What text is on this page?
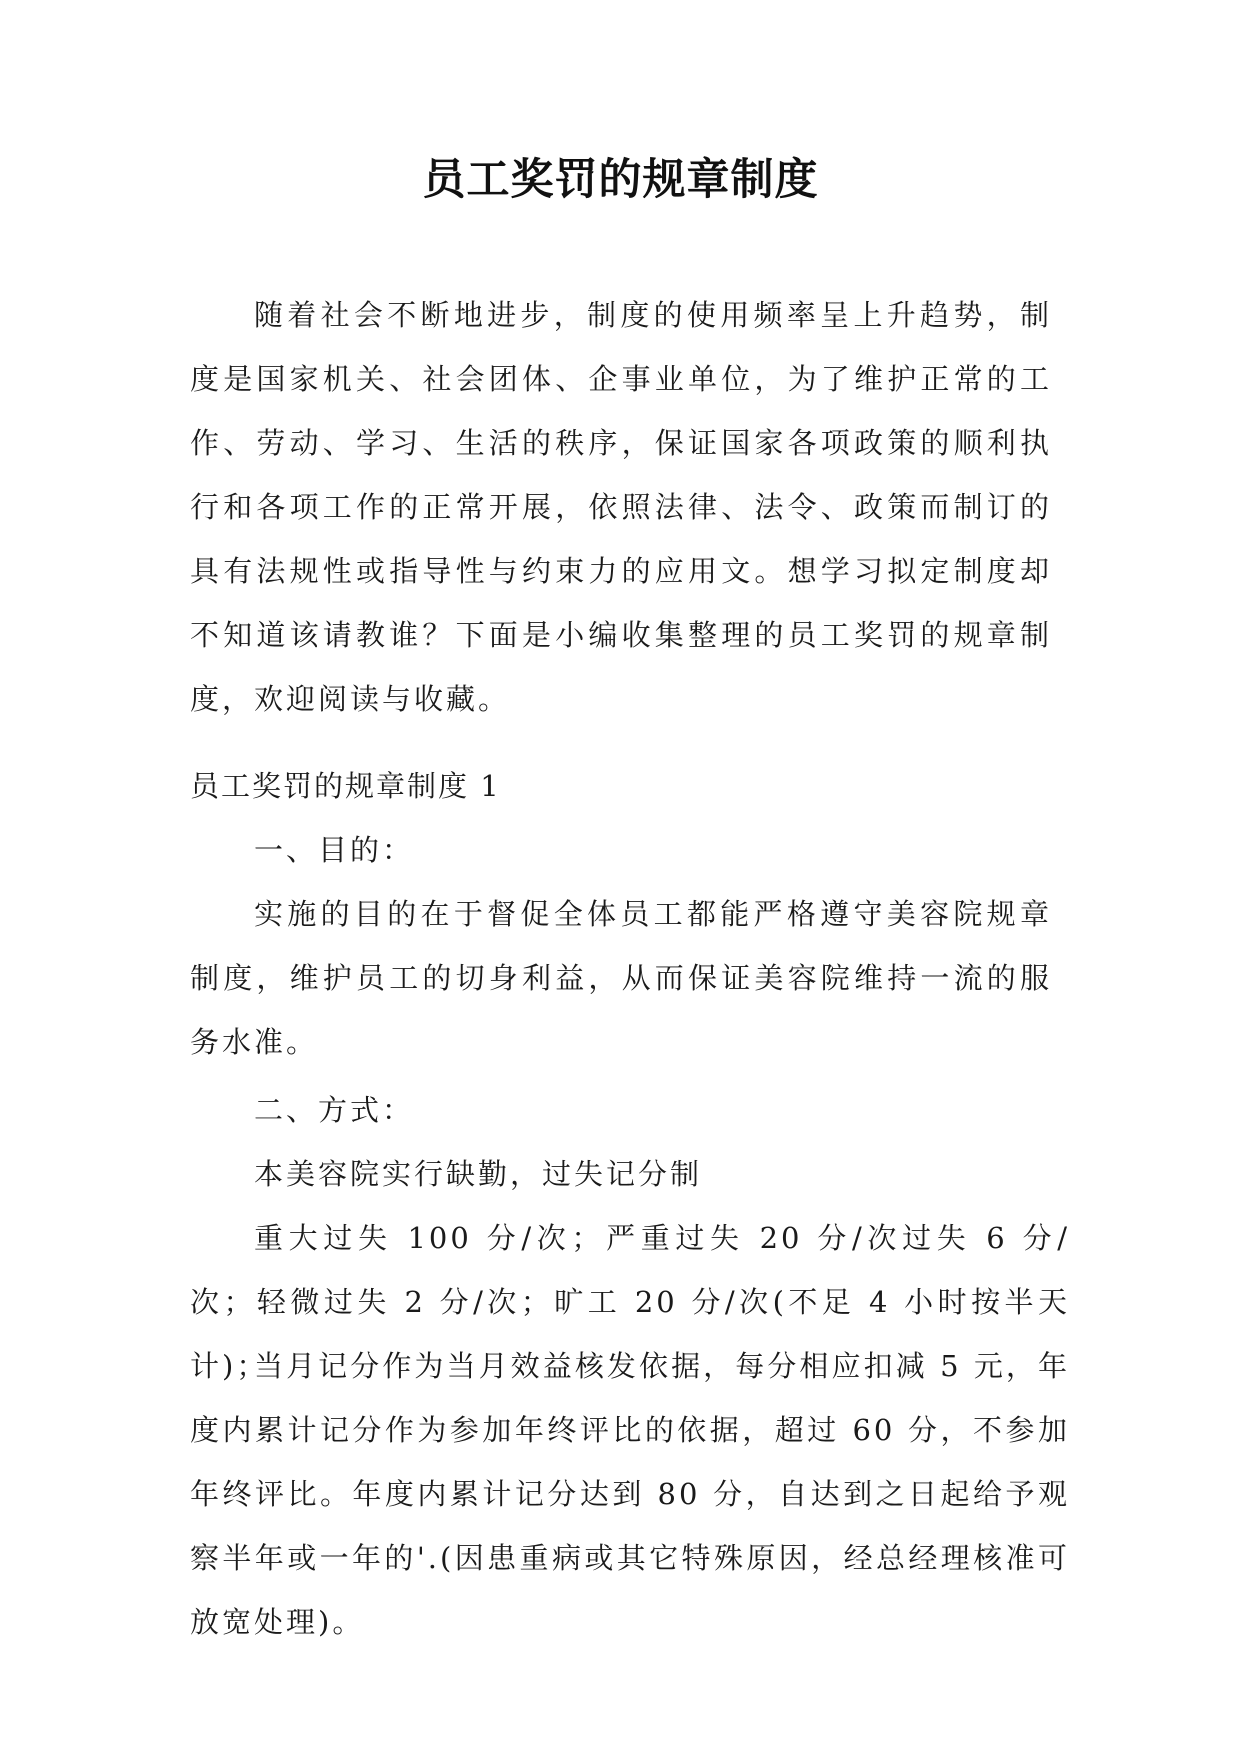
员工奖罚的规章制度
随着社会不断地进步，制度的使用频率呈上升趋势，制度是国家机关、社会团体、企事业单位，为了维护正常的工作、劳动、学习、生活的秩序，保证国家各项政策的顺利执行和各项工作的正常开展，依照法律、法令、政策而制订的具有法规性或指导性与约束力的应用文。想学习拟定制度却不知道该请教谁？下面是小编收集整理的员工奖罚的规章制度，欢迎阅读与收藏。
员工奖罚的规章制度 1
一、目的：
实施的目的在于督促全体员工都能严格遵守美容院规章制度，维护员工的切身利益，从而保证美容院维持一流的服务水准。
二、方式：
本美容院实行缺勤，过失记分制
重大过失 100 分/次；严重过失 20 分/次过失 6 分/次；轻微过失 2 分/次；旷工 20 分/次(不足 4 小时按半天计)；
当月记分作为当月效益核发依据，每分相应扣减 5 元，年度内累计记分作为参加年终评比的依据，超过 60 分，不参加年终评比。年度内累计记分达到 80 分，自达到之日起给予观察半年或一年的'.(因患重病或其它特殊原因，经总经理核准可放宽处理)。
